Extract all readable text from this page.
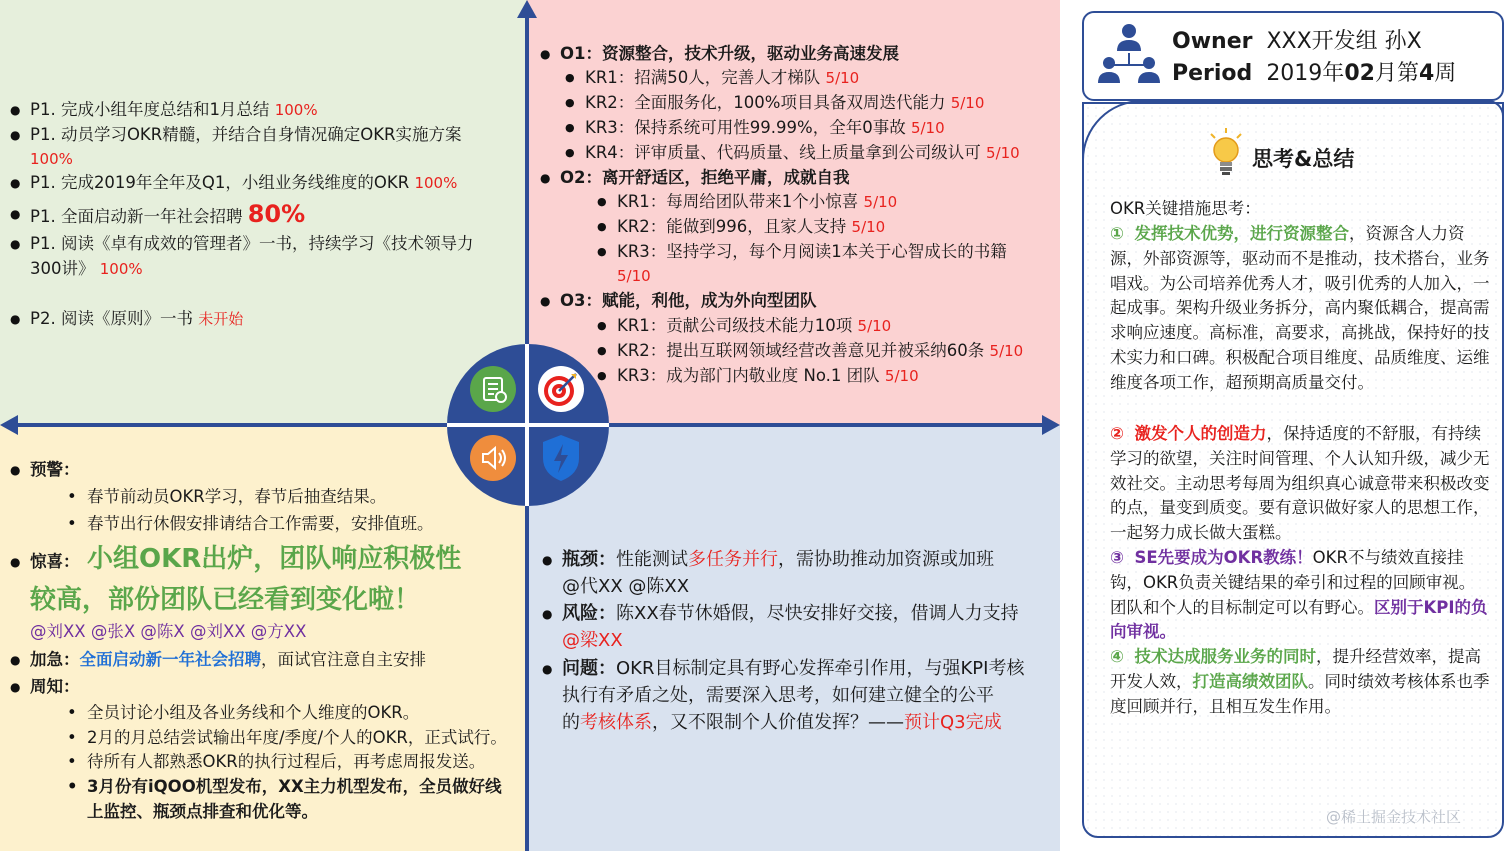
● P1. 完成小组年度总结和1月总结 100%
● P1. 动员学习OKR精髓，并结合自身情况确定OKR实施方案
100%
● P1. 完成2019年全年及Q1，小组业务线维度的OKR 100%
● P1. 全面启动新一年社会招聘 80%
● P1. 阅读《卓有成效的管理者》一书，持续学习《技术领导力
300讲》 100%
● P2. 阅读《原则》一书 未开始
● O1：资源整合，技术升级，驱动业务高速发展
● KR1：招满50人，完善人才梯队 5/10
● KR2：全面服务化，100%项目具备双周迭代能力 5/10
● KR3：保持系统可用性99.99%，全年0事故 5/10
● KR4：评审质量、代码质量、线上质量拿到公司级认可 5/10
● O2：离开舒适区，拒绝平庸，成就自我
● KR1：每周给团队带来1个小惊喜 5/10
● KR2：能做到996，且家人支持 5/10
● KR3：坚持学习，每个月阅读1本关于心智成长的书籍
5/10
● O3：赋能，利他，成为外向型团队
● KR1：贡献公司级技术能力10项 5/10
● KR2：提出互联网领域经营改善意见并被采纳60条 5/10
● KR3：成为部门内敬业度 No.1 团队 5/10
● 预警：
• 春节前动员OKR学习，春节后抽查结果。
• 春节出行休假安排请结合工作需要，安排值班。
● 惊喜： 小组OKR出炉，团队响应积极性
较高，部份团队已经看到变化啦！
@刘XX @张X @陈X @刘XX @方XX
● 加急：全面启动新一年社会招聘，面试官注意自主安排
● 周知：
• 全员讨论小组及各业务线和个人维度的OKR。
• 2月的月总结尝试输出年度/季度/个人的OKR，正式试行。
• 待所有人都熟悉OKR的执行过程后，再考虑周报发送。
• 3月份有iQOO机型发布，XX主力机型发布，全员做好线
上监控、瓶颈点排查和优化等。
● 瓶颈：性能测试多任务并行，需协助推动加资源或加班
@代XX @陈XX
● 风险：陈XX春节休婚假，尽快安排好交接，借调人力支持
@梁XX
● 问题：OKR目标制定具有野心发挥牵引作用，与强KPI考核
执行有矛盾之处，需要深入思考，如何建立健全的公平
的考核体系，又不限制个人价值发挥？——预计Q3完成
Owner XXX开发组 孙X
Period 2019年02月第4周
思考&总结
OKR关键措施思考：
① 发挥技术优势，进行资源整合，资源含人力资源，外部资源等，驱动而不是推动，技术搭台，业务唱戏。为公司培养优秀人才，吸引优秀的人加入，一起成事。架构升级业务拆分，高内聚低耦合，提高需求响应速度。高标准，高要求，高挑战，保持好的技术实力和口碑。积极配合项目维度、品质维度、运维维度各项工作，超预期高质量交付。
② 激发个人的创造力，保持适度的不舒服，有持续学习的欲望，关注时间管理、个人认知升级，减少无效社交。主动思考每周为组织真心诚意带来积极改变的点，量变到质变。要有意识做好家人的思想工作，一起努力成长做大蛋糕。
③ SE先要成为OKR教练！OKR不与绩效直接挂钩，OKR负责关键结果的牵引和过程的回顾审视。团队和个人的目标制定可以有野心。区别于KPI的负向审视。
④ 技术达成服务业务的同时，提升经营效率，提高开发人效，打造高绩效团队。同时绩效考核体系也季度回顾并行，且相互发生作用。
@稀土掘金技术社区
